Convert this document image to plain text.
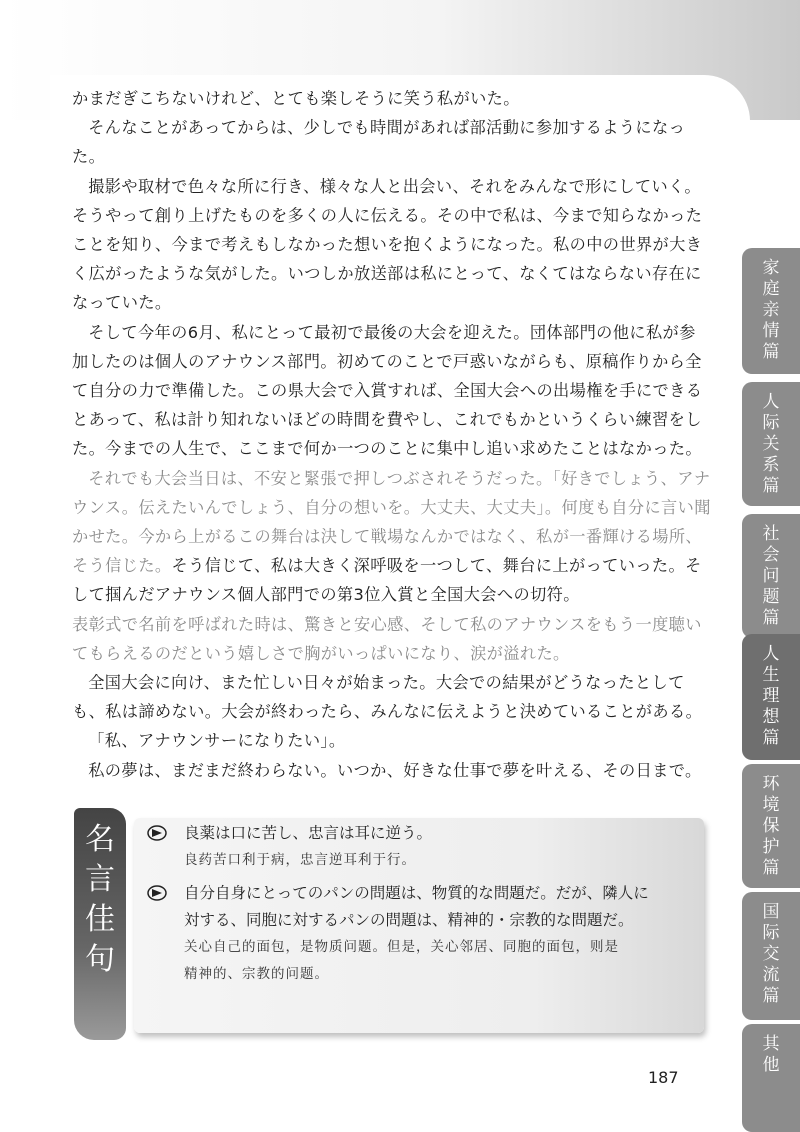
かまだぎこちないけれど、とても楽しそうに笑う私がいた。

そんなことがあってからは、少しでも時間があれば部活動に参加するようになった。

撮影や取材で色々な所に行き、様々な人と出会い、それをみんなで形にしていく。そうやって創り上げたものを多くの人に伝える。その中で私は、今まで知らなかったことを知り、今まで考えもしなかった想いを抱くようになった。私の中の世界が大きく広がったような気がした。いつしか放送部は私にとって、なくてはならない存在になっていた。

そして今年の6月、私にとって最初で最後の大会を迎えた。団体部門の他に私が参加したのは個人のアナウンス部門。初めてのことで戸惑いながらも、原稿作りから全て自分の力で準備した。この県大会で入賞すれば、全国大会への出場権を手にできるとあって、私は計り知れないほどの時間を費やし、これでもかというくらい練習をした。今までの人生で、ここまで何か一つのことに集中し追い求めたことはなかった。

それでも大会当日は、不安と緊張で押しつぶされそうだった。「好きでしょう、アナウンス。伝えたいんでしょう、自分の想いを。大丈夫、大丈夫」。何度も自分に言い聞かせた。今から上がるこの舞台は決して戦場なんかではなく、私が一番輝ける場所、そう信じた。そう信じて、私は大きく深呼吸を一つして、舞台に上がっていった。そして掴んだアナウンス個人部門での第3位入賞と全国大会への切符。

表彰式で名前を呼ばれた時は、驚きと安心感、そして私のアナウンスをもう一度聴いてもらえるのだという嬉しさで胸がいっぱいになり、涙が溢れた。

全国大会に向け、また忙しい日々が始まった。大会での結果がどうなったとしても、私は諦めない。大会が終わったら、みんなに伝えようと決めていることがある。

「私、アナウンサーになりたい」。

私の夢は、まだまだ終わらない。いつか、好きな仕事で夢を叶える、その日まで。

家庭亲情篇
人际关系篇
社会问题篇
人生理想篇
环境保护篇
国际交流篇
其他
名
言
佳
句
良薬は口に苦し、忠言は耳に逆う。
良药苦口利于病，忠言逆耳利于行。
自分自身にとってのパンの問題は、物質的な問題だ。だが、隣人に
対する、同胞に対するパンの問題は、精神的・宗教的な問題だ。
关心自己的面包，是物质问题。但是，关心邻居、同胞的面包，则是
精神的、宗教的问题。
187
